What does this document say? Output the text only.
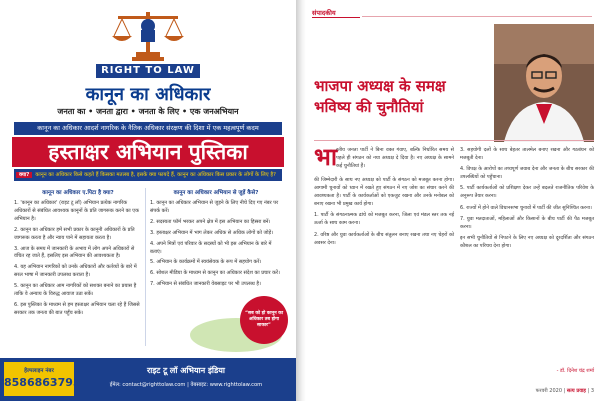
RIGHT TO LAW
कानून का अधिकार
जनता का • जनता द्वारा • जनता के लिए • एक जनअभियान
कानून का अधिकार आदर्श नागरिक के नैतिक अधिकार संरक्षण की दिशा में एक महत्वपूर्ण कदम
हस्ताक्षर अभियान पुस्तिका
क्या? कानून का अधिकार किसे कहते हैं किसका मतलब है, इसके क्या फायदे हैं, कानून का अधिकार किस प्रकार के लोगों के लिए है?
कानून का अधिकार ए.पिटा है क्या?	कानून का अधिकार अभियान से जुड़ें कैसे?

1. 'कानून का अधिकार' (राइट टू लॉ) अभियान प्रत्येक नागरिक अधिकारों से संबंधित आवश्यक कानूनों के प्रति जागरूक करने का एक अभियान है।

2. कानून का अधिकार हमें सभी प्रकार के कानूनी अधिकारों के प्रति जागरूक करता है और न्याय पाने में सहायता करता है।

3. आज के समय में जानकारी के अभाव में लोग अपने अधिकारों से वंचित रह जाते हैं, इसलिए इस अभियान की आवश्यकता है।

4. यह अभियान नागरिकों को उनके अधिकारों और कर्तव्यों के बारे में सरल भाषा में जानकारी उपलब्ध कराता है।

5. कानून का अधिकार आम नागरिकों को सशक्त बनाने का प्रयास है ताकि वे अन्याय के विरुद्ध आवाज उठा सकें।

6. इस पुस्तिका के माध्यम से हम हस्ताक्षर अभियान चला रहे हैं जिससे सरकार तक जनता की बात पहुँच सके।

1. कानून का अधिकार अभियान से जुड़ने के लिए नीचे दिए गए नंबर पर संपर्क करें।

2. सदस्यता फॉर्म भरकर अपने क्षेत्र में इस अभियान का हिस्सा बनें।

3. हस्ताक्षर अभियान में भाग लेकर अधिक से अधिक लोगों को जोड़ें।

4. अपने मित्रों एवं परिवार के सदस्यों को भी इस अभियान के बारे में बताएं।

5. अभियान के कार्यक्रमों में स्वयंसेवक के रूप में सहयोग करें।

6. सोशल मीडिया के माध्यम से कानून का अधिकार संदेश का प्रचार करें।

7. अभियान से संबंधित जानकारी वेबसाइट पर भी उपलब्ध है।

“सब को हो कानून का अधिकार तब होगा साकार”
हेल्पलाइन नंबर
8586863795
राइट टू लॉ अभियान इंडिया
ईमेल: contact@righttolaw.com | वेबसाइट: www.righttolaw.com
संपादकीय
भाजपा अध्यक्ष के समक्ष
भविष्य की चुनौतियां
भा
रतीय जनता पार्टी ने बिना वक्त गंवाए, बल्कि निर्धारित समय से पहले ही संगठन को नया अध्यक्ष दे दिया है। नए अध्यक्ष के सामने कई चुनौतियां हैं।

की जिम्मेदारी के साथ नए अध्यक्ष को पार्टी के संगठन को मजबूत करना होगा। आगामी चुनावों को ध्यान में रखते हुए संगठन में नए जोश का संचार करने की आवश्यकता है। पार्टी के कार्यकर्ताओं को एकजुट रखना और उनके मनोबल को बनाए रखना भी प्रमुख कार्य होगा।

1. पार्टी के संगठनात्मक ढांचे को मजबूत करना, जिला एवं मंडल स्तर तक नई ऊर्जा के साथ काम करना।

2. वरिष्ठ और युवा कार्यकर्ताओं के बीच संतुलन बनाए रखना तथा नए चेहरों को अवसर देना।

3. सहयोगी दलों के साथ बेहतर तालमेल बनाए रखना और गठबंधन को मजबूती देना।

4. विपक्ष के आरोपों का तथ्यपूर्ण जवाब देना और जनता के बीच सरकार की उपलब्धियों को पहुँचाना।

5. पार्टी कार्यकर्ताओं को प्रशिक्षण देकर उन्हें बदलते राजनीतिक परिवेश के अनुरूप तैयार करना।

6. राज्यों में होने वाले विधानसभा चुनावों में पार्टी की जीत सुनिश्चित करना।

7. युवा मतदाताओं, महिलाओं और किसानों के बीच पार्टी की पैठ मजबूत करना।

इन सभी चुनौतियों से निपटने के लिए नए अध्यक्ष को दूरदर्शिता और संगठन कौशल का परिचय देना होगा।

- डॉ. दिनेश चंद्र शर्मा
फरवरी 2020 | सत्य प्रवाह | 3
